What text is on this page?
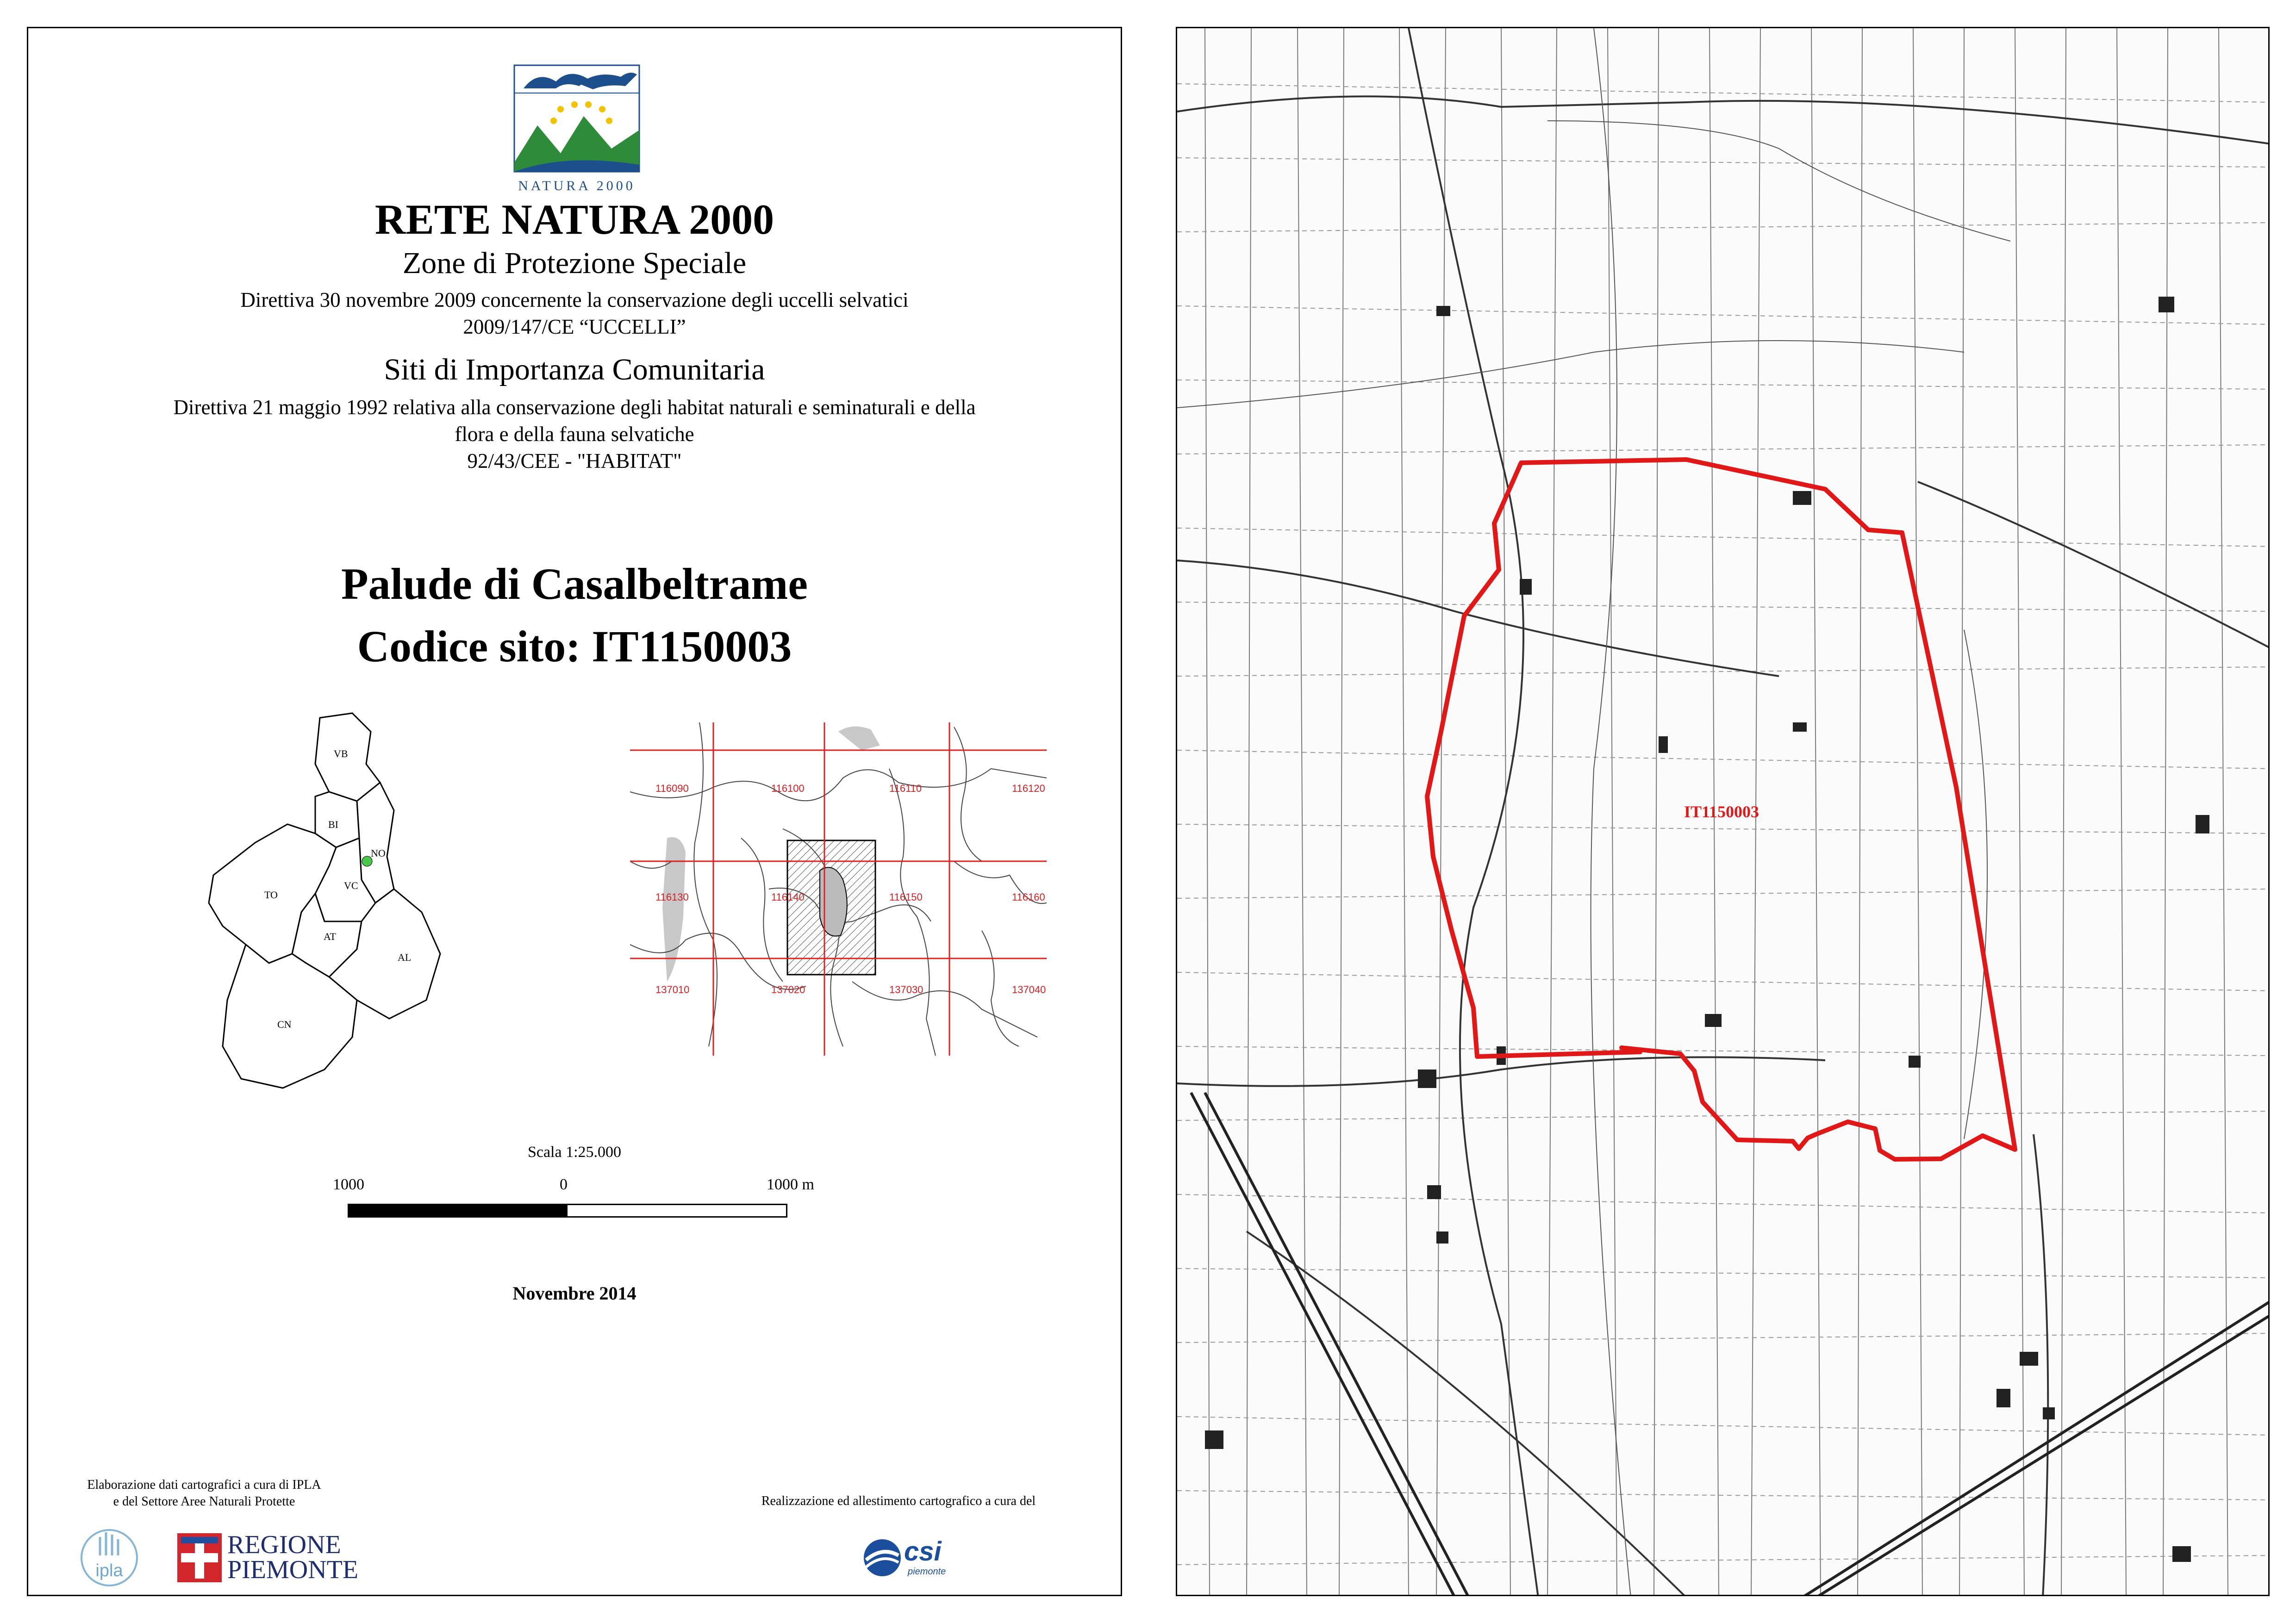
NATURA 2000
RETE NATURA 2000
Zone di Protezione Speciale
Direttiva 30 novembre 2009 concernente la conservazione degli uccelli selvatici
2009/147/CE “UCCELLI”
Siti di Importanza Comunitaria
Direttiva 21 maggio 1992 relativa alla conservazione degli habitat naturali e seminaturali e della
flora e della fauna selvatiche
92/43/CEE - "HABITAT"
Palude di Casalbeltrame
Codice sito: IT1150003
VB
NO
BI
VC
TO
AT
AL
CN
116090	116100	116110	116120
116130	116140	116150	116160
137010	137020	137030	137040
Scala 1:25.000
1000	0	1000 m
Novembre 2014
Elaborazione dati cartografici a cura di IPLA
e del Settore Aree Naturali Protette	Realizzazione ed allestimento cartografico a cura del
ipla
REGIONE
PIEMONTE
csi
piemonte
IT1150003
